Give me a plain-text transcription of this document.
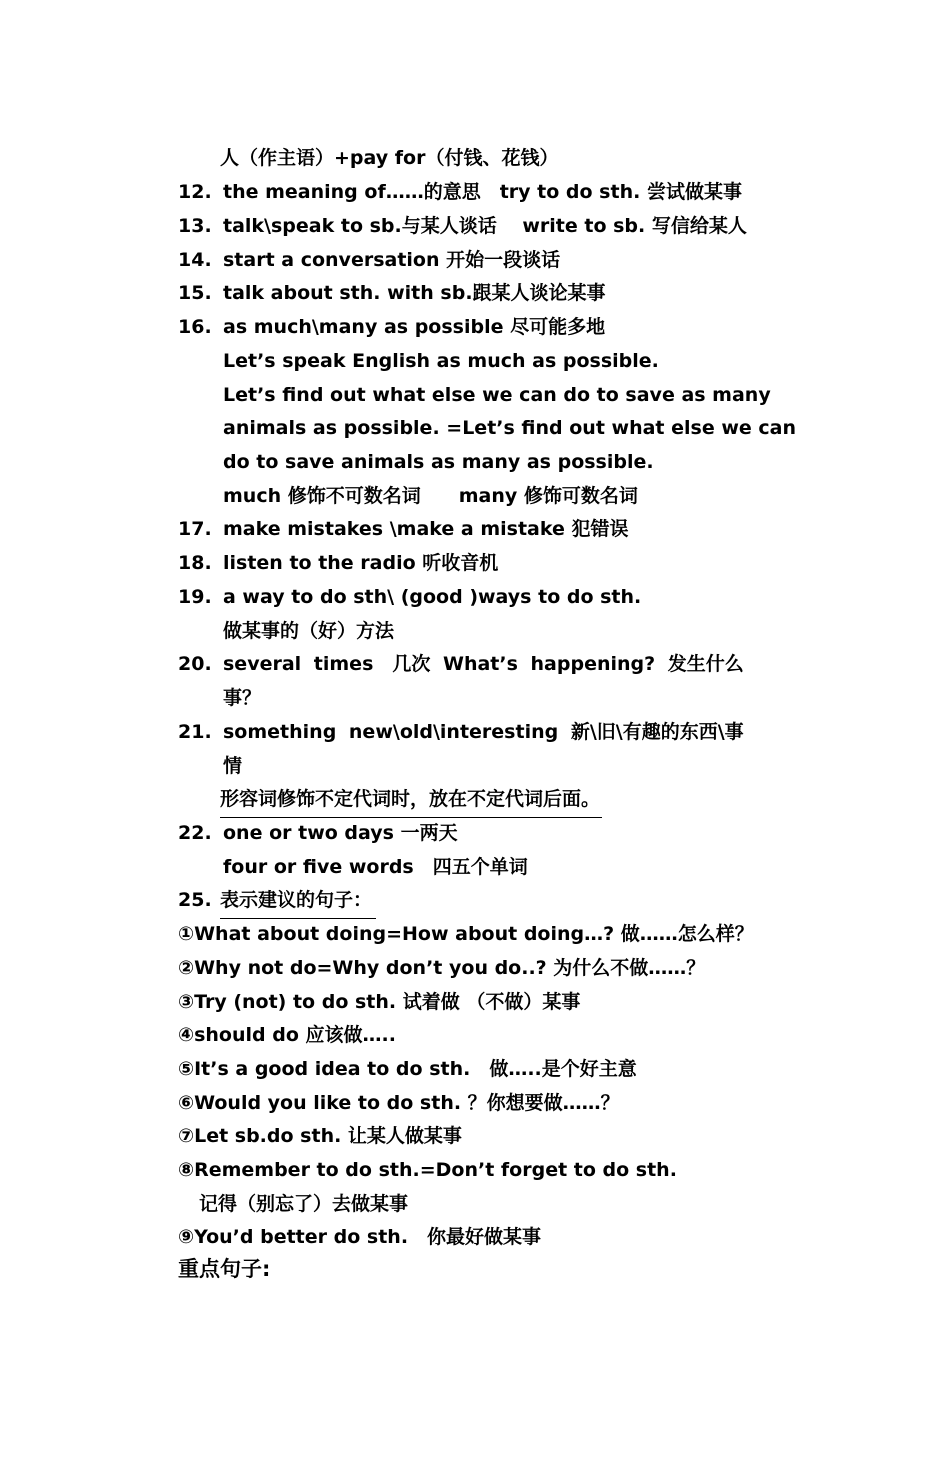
人（作主语）+pay for（付钱、花钱）
12. the meaning of……的意思　try to do sth. 尝试做某事
13. talk\speak to sb.与某人谈话　 write to sb. 写信给某人
14. start a conversation 开始一段谈话
15. talk about sth. with sb.跟某人谈论某事
16. as much\many as possible 尽可能多地
Let’s speak English as much as possible.
Let’s find out what else we can do to save as many
animals as possible. =Let’s find out what else we can
do to save animals as many as possible.
much 修饰不可数名词　　many 修饰可数名词
17. make mistakes \make a mistake 犯错误
18. listen to the radio 听收音机
19. a way to do sth\ (good )ways to do sth.
做某事的（好）方法
20. several times　几次 What’s happening? 发生什么
事？
21. something new\old\interesting 新\旧\有趣的东西\事
情
形容词修饰不定代词时，放在不定代词后面。
22. one or two days 一两天
four or five words　四五个单词
25. 表示建议的句子：
①What about doing=How about doing…? 做……怎么样？
②Why not do=Why don’t you do..? 为什么不做……？
③Try (not) to do sth. 试着做 （不做）某事
④should do 应该做…..
⑤It’s a good idea to do sth.　做…..是个好主意
⑥Would you like to do sth. ？你想要做……？
⑦Let sb.do sth. 让某人做某事
⑧Remember to do sth.=Don’t forget to do sth.
记得（别忘了）去做某事
⑨You’d better do sth.　你最好做某事
重点句子:
